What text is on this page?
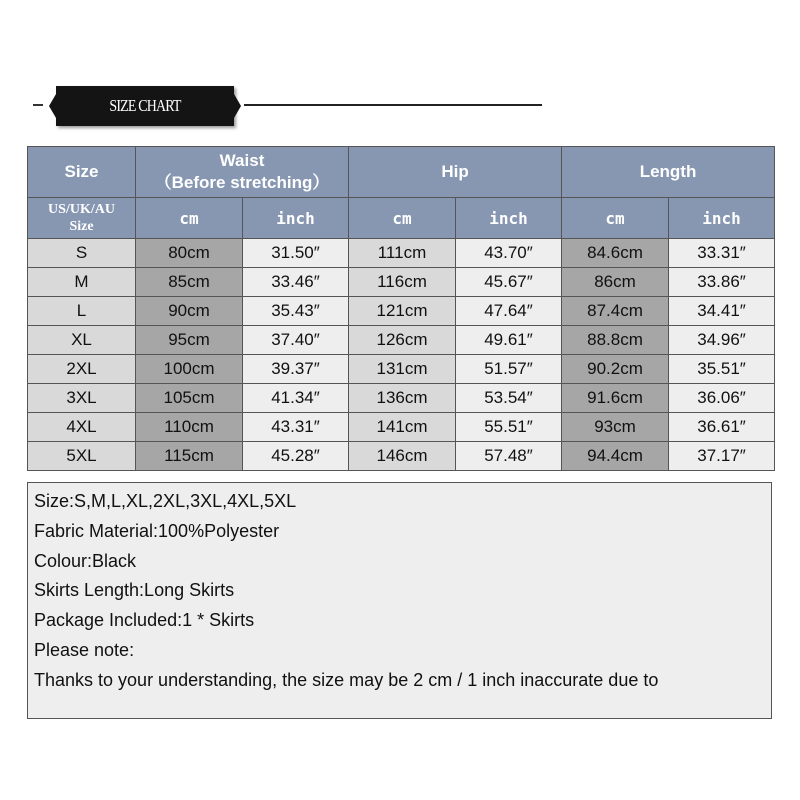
SIZE CHART
Size	Waist
（Before stretching）		Hip		Length	

US/UK/AU
Size	cm	inch	cm	inch	cm	inch
S	80cm	31.50″	111cm	43.70″	84.6cm	33.31″
M	85cm	33.46″	116cm	45.67″	86cm	33.86″
L	90cm	35.43″	121cm	47.64″	87.4cm	34.41″
XL	95cm	37.40″	126cm	49.61″	88.8cm	34.96″
2XL	100cm	39.37″	131cm	51.57″	90.2cm	35.51″
3XL	105cm	41.34″	136cm	53.54″	91.6cm	36.06″
4XL	110cm	43.31″	141cm	55.51″	93cm	36.61″
5XL	115cm	45.28″	146cm	57.48″	94.4cm	37.17″
Size:S,M,L,XL,2XL,3XL,4XL,5XL
Fabric Material:100%Polyester
Colour:Black
Skirts Length:Long Skirts
Package Included:1 * Skirts
Please note:
Thanks to your understanding, the size may be 2 cm / 1 inch inaccurate due to
